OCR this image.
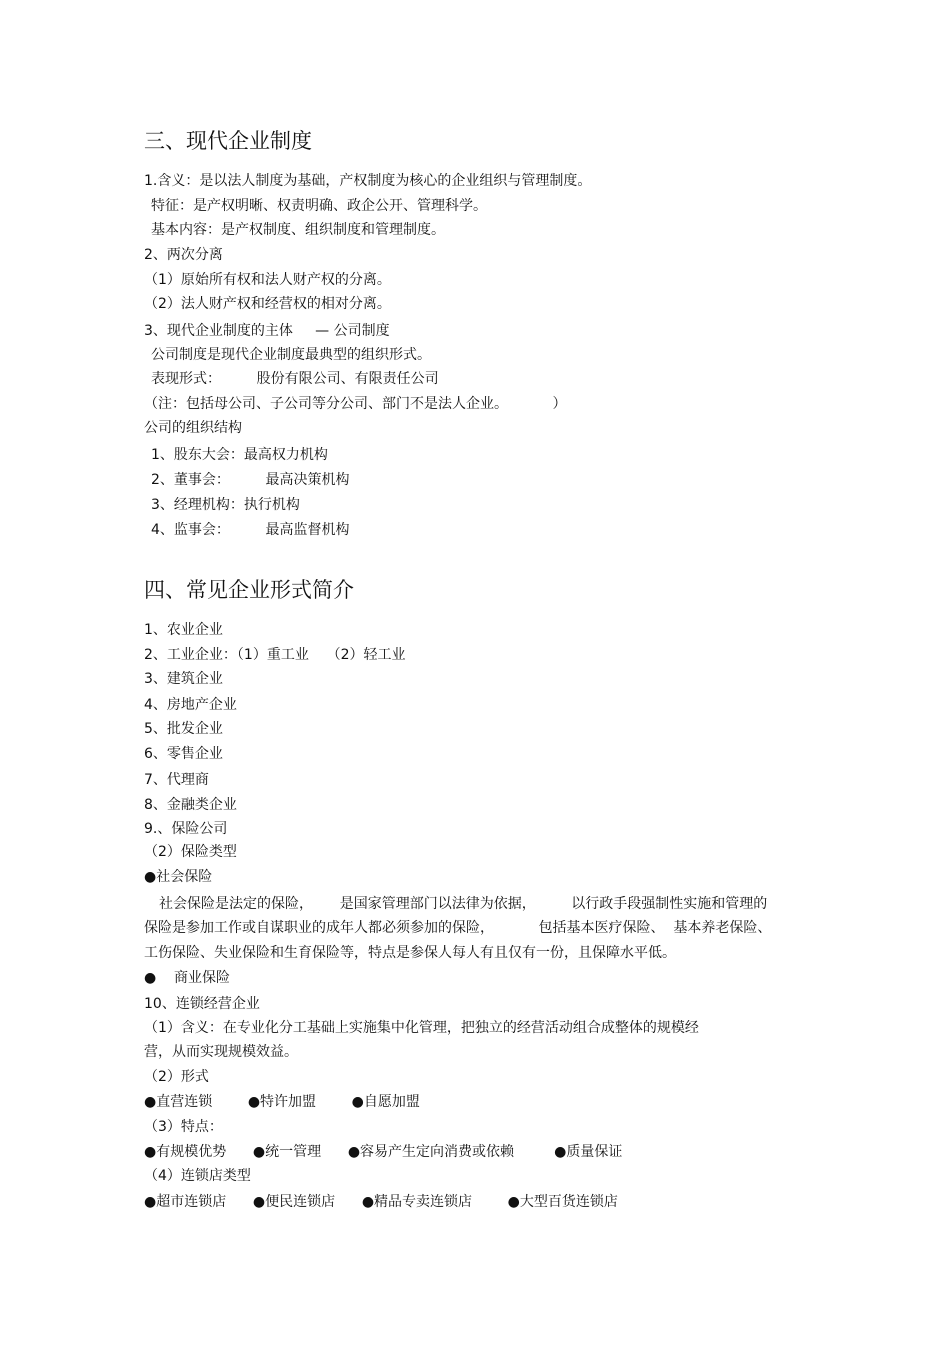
三、现代企业制度
1.含义：是以法人制度为基础，产权制度为核心的企业组织与管理制度。
特征：是产权明晰、权责明确、政企公开、管理科学。
基本内容：是产权制度、组织制度和管理制度。
2、两次分离
（1）原始所有权和法人财产权的分离。
（2）法人财产权和经营权的相对分离。
3、现代企业制度的主体     — 公司制度
公司制度是现代企业制度最典型的组织形式。
表现形式：        股份有限公司、有限责任公司
（注：包括母公司、子公司等分公司、部门不是法人企业。          ）
公司的组织结构
1、股东大会：最高权力机构
2、董事会：        最高决策机构
3、经理机构：执行机构
4、监事会：        最高监督机构
四、常见企业形式简介
1、农业企业
2、工业企业：（1）重工业    （2）轻工业
3、建筑企业
4、房地产企业
5、批发企业
6、零售企业
7、代理商
8、金融类企业
9.、保险公司
（2）保险类型
●社会保险
社会保险是法定的保险，      是国家管理部门以法律为依据，        以行政手段强制性实施和管理的
保险是参加工作或自谋职业的成年人都必须参加的保险，          包括基本医疗保险、  基本养老保险、
工伤保险、失业保险和生育保险等，特点是参保人每人有且仅有一份，且保障水平低。
●    商业保险
10、连锁经营企业
（1）含义：在专业化分工基础上实施集中化管理，把独立的经营活动组合成整体的规模经
营，从而实现规模效益。
（2）形式
●直营连锁        ●特许加盟        ●自愿加盟
（3）特点：
●有规模优势      ●统一管理      ●容易产生定向消费或依赖         ●质量保证
（4）连锁店类型
●超市连锁店      ●便民连锁店      ●精品专卖连锁店        ●大型百货连锁店
